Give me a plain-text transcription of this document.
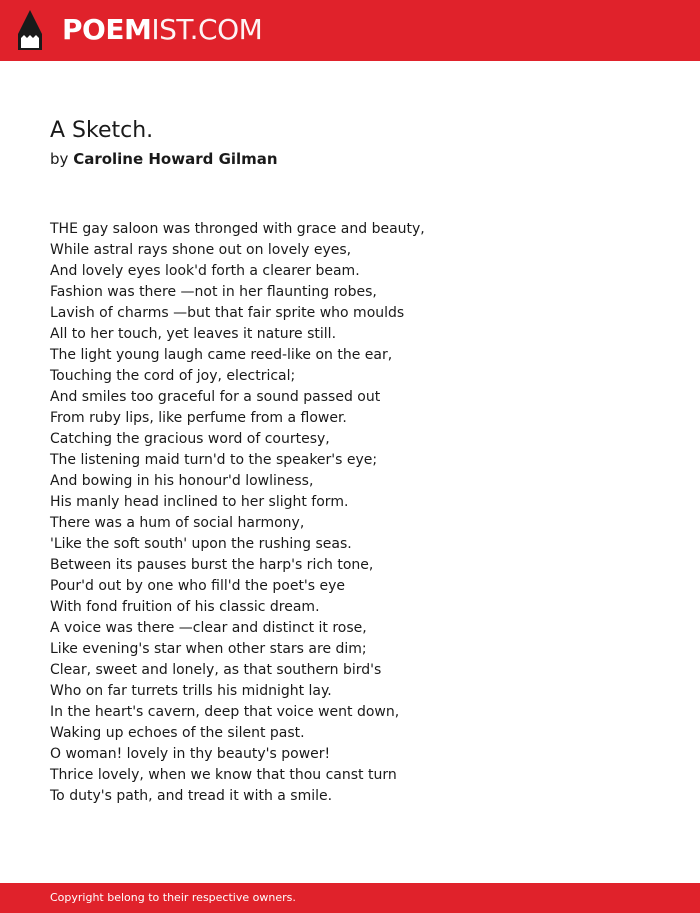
POEMIST.COM
A Sketch.
by Caroline Howard Gilman
THE gay saloon was thronged with grace and beauty,
While astral rays shone out on lovely eyes,
And lovely eyes look'd forth a clearer beam.
Fashion was there —not in her flaunting robes,
Lavish of charms —but that fair sprite who moulds
All to her touch, yet leaves it nature still.
The light young laugh came reed-like on the ear,
Touching the cord of joy, electrical;
And smiles too graceful for a sound passed out
From ruby lips, like perfume from a flower.
Catching the gracious word of courtesy,
The listening maid turn'd to the speaker's eye;
And bowing in his honour'd lowliness,
His manly head inclined to her slight form.
There was a hum of social harmony,
'Like the soft south' upon the rushing seas.
Between its pauses burst the harp's rich tone,
Pour'd out by one who fill'd the poet's eye
With fond fruition of his classic dream.
A voice was there —clear and distinct it rose,
Like evening's star when other stars are dim;
Clear, sweet and lonely, as that southern bird's
Who on far turrets trills his midnight lay.
In the heart's cavern, deep that voice went down,
Waking up echoes of the silent past.
O woman! lovely in thy beauty's power!
Thrice lovely, when we know that thou canst turn
To duty's path, and tread it with a smile.
Copyright belong to their respective owners.
